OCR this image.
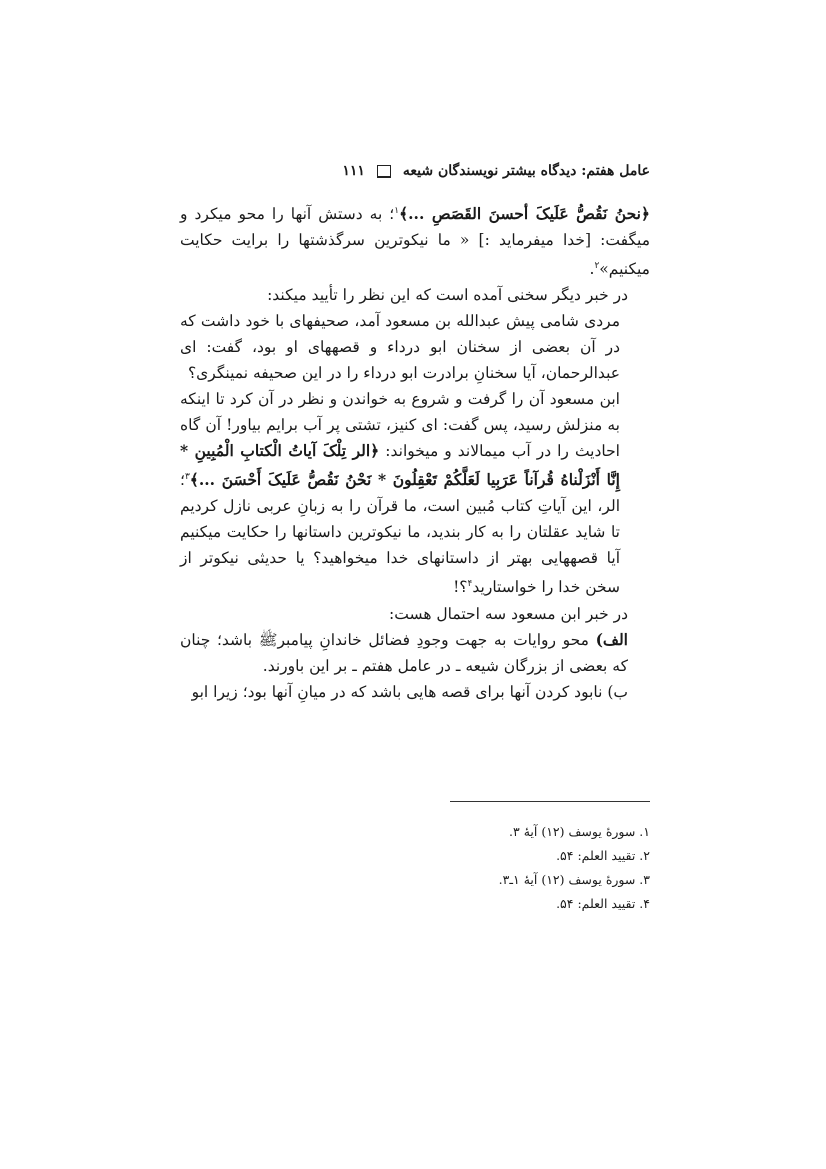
عامل هفتم: دیدگاه بیشتر نویسندگان شیعه
۱۱۱

﴿نحنُ نَقُصُّ عَلَیکَ أحسنَ القَصَصِ ...﴾$^۱$؛ به دستش آنها را محو میکرد و میگفت: [خدا میفرماید :] « ما نیکوترین سرگذشتها را برایت حکایت میکنیم»$^۲$.

در خبر دیگر سخنی آمده است که این نظر را تأیید میکند:

مردی شامی پیش عبدالله بن مسعود آمد، صحیفهای با خود داشت که در آن بعضی از سخنان ابو درداء و قصههای او بود، گفت: ای عبدالرحمان، آیا سخنانِ برادرت ابو درداء را در این صحیفه نمینگری؟

ابن مسعود آن را گرفت و شروع به خواندن و نظر در آن کرد تا اینکه به منزلش رسید، پس گفت: ای کنیز، تشتی پر آب برایم بیاور! آن گاه احادیث را در آب میمالاند و میخواند: ﴿الر تِلْکَ آیاتُ الْکتابِ الْمُبِینِ * إِنَّا أَنْزَلْناهُ قُرآناً عَرَبِیا لَعَلَّکُمْ تَعْقِلُونَ * نَحْنُ نَقُصُّ عَلَیکَ أَحْسَنَ ...﴾$^۳$؛ الر، این آیاتِ کتاب مُبین است، ما قرآن را به زبانِ عربی نازل کردیم تا شاید عقلتان را به کار بندید، ما نیکوترین داستانها را حکایت میکنیم آیا قصههایی بهتر از داستانهای خدا میخواهید؟ یا حدیثی نیکوتر از سخن خدا را خواستارید$^۴$؟!

در خبر ابن مسعود سه احتمال هست:

الف) محو روایات به جهت وجودِ فضائل خاندانِ پیامبرﷺ باشد؛ چنان که بعضی از بزرگان شیعه ـ در عامل هفتم ـ بر این باورند.

ب) نابود کردن آنها برای قصه هایی باشد که در میانِ آنها بود؛ زیرا ابو

۱. سورۀ یوسف (۱۲) آیۀ ۳.
۲. تقیید العلم: ۵۴.
۳. سورۀ یوسف (۱۲) آیۀ ۱ـ۳.
۴. تقیید العلم: ۵۴.
